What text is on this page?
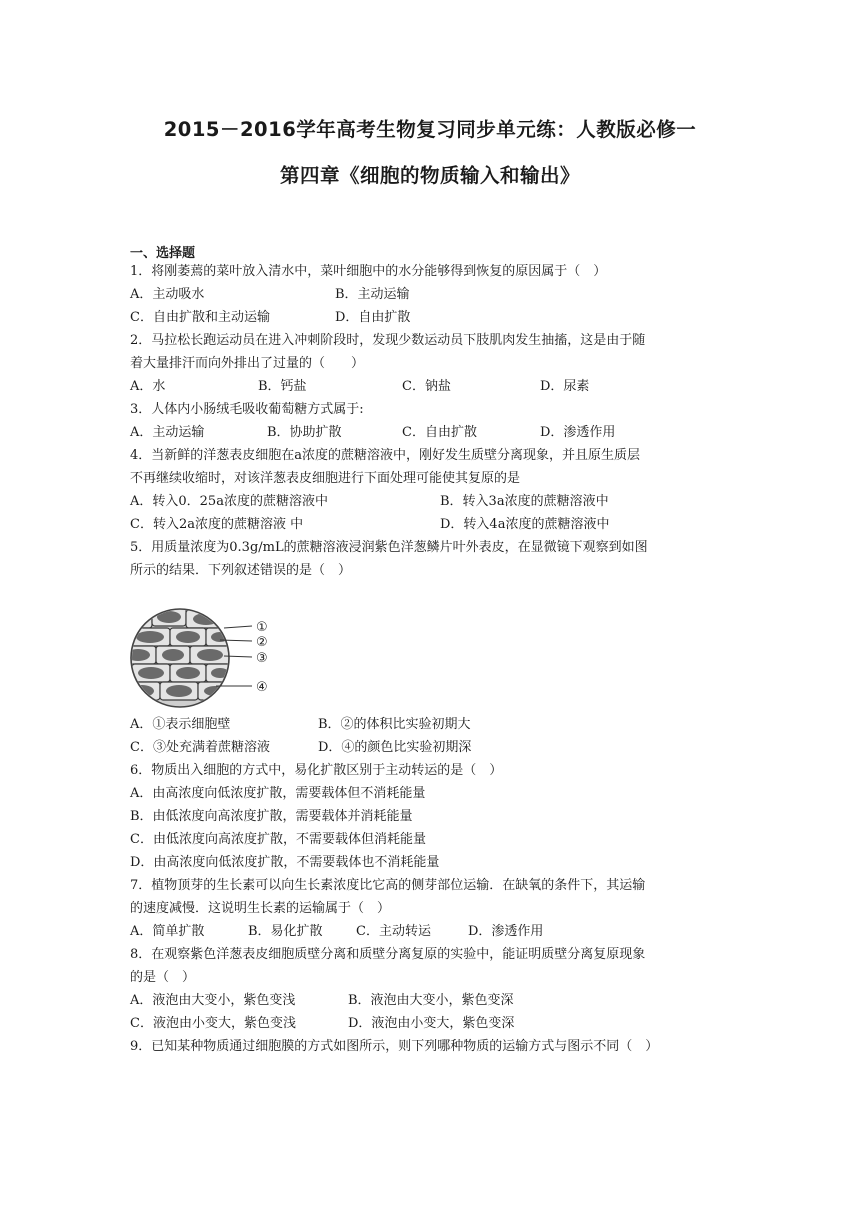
2015－2016学年高考生物复习同步单元练：人教版必修一
第四章《细胞的物质输入和输出》
一、选择题
1．将刚萎蔫的菜叶放入清水中，菜叶细胞中的水分能够得到恢复的原因属于（　）
A．主动吸水	B．主动运输
C．自由扩散和主动运输	D．自由扩散
2．马拉松长跑运动员在进入冲刺阶段时，发现少数运动员下肢肌肉发生抽搐，这是由于随
着大量排汗而向外排出了过量的（　　）
A．水	B．钙盐	C．钠盐	D．尿素
3．人体内小肠绒毛吸收葡萄糖方式属于:
A．主动运输	B．协助扩散	C．自由扩散	D．渗透作用
4．当新鲜的洋葱表皮细胞在a浓度的蔗糖溶液中，刚好发生质壁分离现象，并且原生质层
不再继续收缩时，对该洋葱表皮细胞进行下面处理可能使其复原的是
A．转入0．25a浓度的蔗糖溶液中	B．转入3a浓度的蔗糖溶液中
C．转入2a浓度的蔗糖溶液 中	D．转入4a浓度的蔗糖溶液中
5．用质量浓度为0.3g/mL的蔗糖溶液浸润紫色洋葱鳞片叶外表皮，在显微镜下观察到如图
所示的结果．下列叙述错误的是（　）
①
②
③
④
A．①表示细胞壁	B．②的体积比实验初期大
C．③处充满着蔗糖溶液	D．④的颜色比实验初期深
6．物质出入细胞的方式中，易化扩散区别于主动转运的是（　）
A．由高浓度向低浓度扩散，需要载体但不消耗能量
B．由低浓度向高浓度扩散，需要载体并消耗能量
C．由低浓度向高浓度扩散，不需要载体但消耗能量
D．由高浓度向低浓度扩散，不需要载体也不消耗能量
7．植物顶芽的生长素可以向生长素浓度比它高的侧芽部位运输．在缺氧的条件下，其运输
的速度减慢．这说明生长素的运输属于（　）
A．简单扩散	B．易化扩散	C．主动转运	D．渗透作用
8．在观察紫色洋葱表皮细胞质壁分离和质壁分离复原的实验中，能证明质壁分离复原现象
的是（　）
A．液泡由大变小，紫色变浅	B．液泡由大变小，紫色变深
C．液泡由小变大，紫色变浅	D．液泡由小变大，紫色变深
9．已知某种物质通过细胞膜的方式如图所示，则下列哪种物质的运输方式与图示不同（　）
